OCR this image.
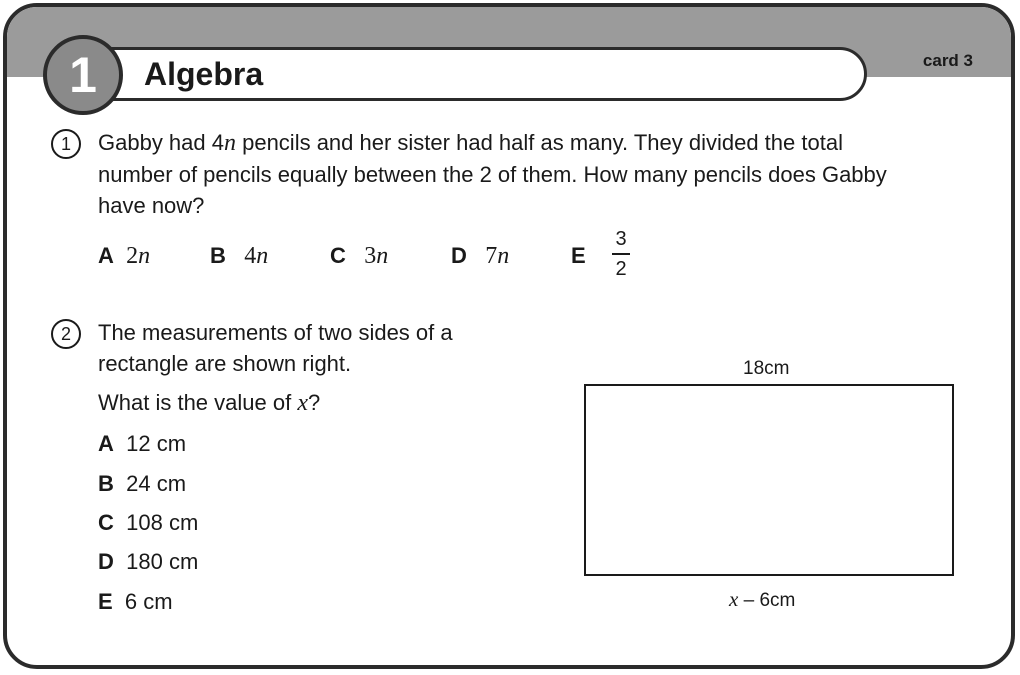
Algebra
1	card 3
1	Gabby had 4n pencils and her sister had half as many. They divided the total
number of pencils equally between the 2 of them. How many pencils does Gabby
have now?
A 2n	B 4n	C 3n	D 7n	E
3
2
2	The measurements of two sides of a
rectangle are shown right.
What is the value of x?
A 12 cm
B 24 cm
C 108 cm
D 180 cm
E 6 cm
18cm
x – 6cm
